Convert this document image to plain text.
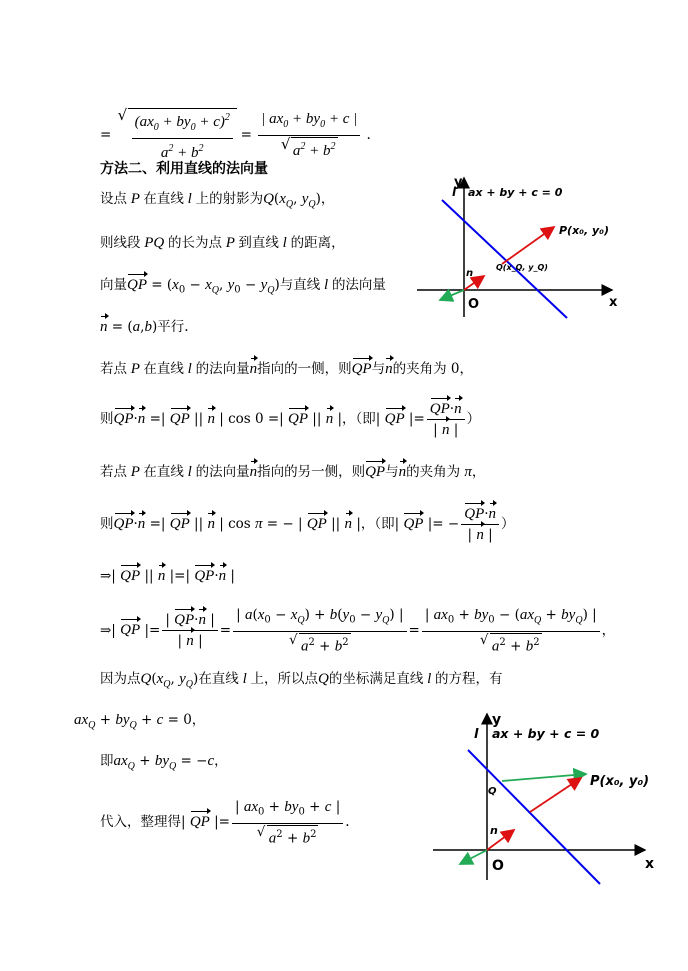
=
√ $\frac{(ax_0 + by_0 + c)^2}{a^2 + b^2}$ = | $ax_0 + by_0 + c$ |
√ $a^2 + b^2$ .
方法二、利用直线的法向量
设点 P 在直线 l 上的射影为$Q(x_Q$, $y_Q$)，
则线段 PQ 的长为点 P 到直线 l 的距离，
向量QP = ($x_0 - x_Q$, $y_0 - y_Q$)与直线 l 的法向量
n = (a,b)平行.
若点 P 在直线 l 的法向量n指向的一侧，则QP与n的夹角为 0，
则QP·n =| QP || n | cos 0 =| QP || n |，（即| QP |= $\frac{QP\cdot n}{| n |}$ ）
若点 P 在直线 l 的法向量n指向的另一侧，则QP与n的夹角为 π，
则QP·n =| QP || n | cos π = − | QP || n |，（即| QP |= − $\frac{QP\cdot n}{| n |}$ ）
⇒| QP || n |=| QP·n |
⇒| QP |= $\frac{| QP\cdot n |}{| n |}$ = | $a(x_0 - x_Q) + b(y_0 - y_Q)$ |
√ $a^2 + b^2$ = | $ax_0 + by_0 - (ax_Q + by_Q)$ |
√ $a^2 + b^2$ ，
因为点$Q(x_Q$, $y_Q$)在直线 l 上，所以点Q的坐标满足直线 l 的方程，有
$ax_Q + by_Q + c = 0$，
即$ax_Q + by_Q = -c$，
代入，整理得| QP |= | $ax_0 + by_0 + c$ |
√ $a^2 + b^2$ .
y
l ax + by + c = 0
P(x₀, y₀)
Q(x_Q, y_Q)
n
O	x
y
l ax + by + c = 0
P(x₀, y₀)
Q
n
O	x
